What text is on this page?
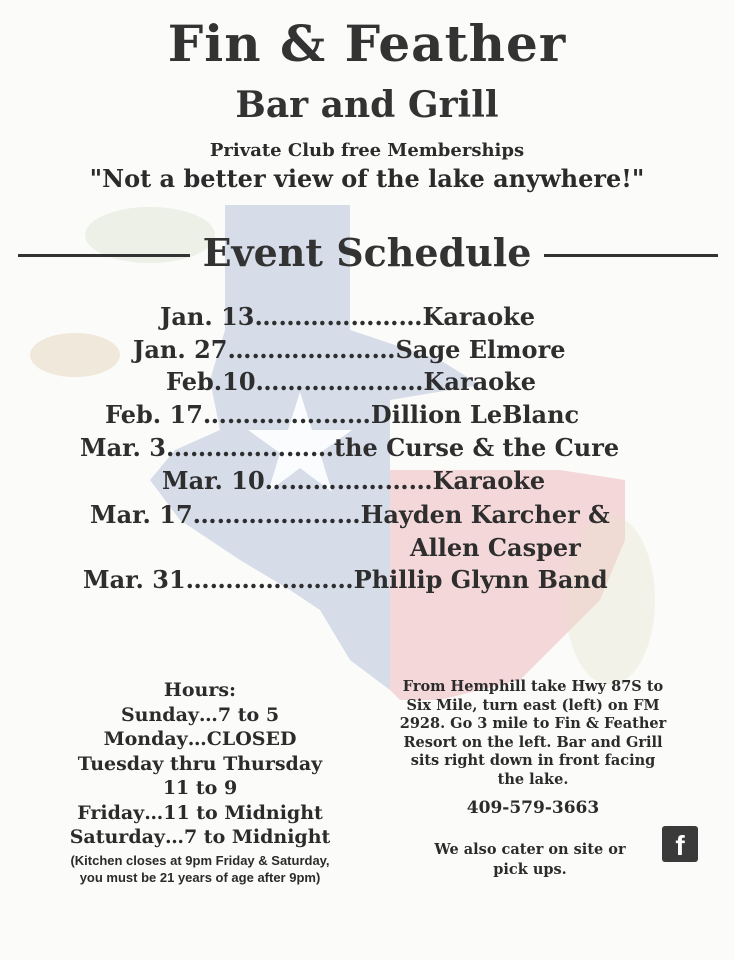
Fin & Feather
Bar and Grill
Private Club free Memberships
"Not a better view of the lake anywhere!"
Event Schedule
Jan. 13…………………Karaoke
Jan. 27…………………Sage Elmore
Feb.10…………………Karaoke
Feb. 17…………………Dillion LeBlanc
Mar. 3…………………the Curse & the Cure
Mar. 10…………………Karaoke
Mar. 17…………………Hayden Karcher &
Allen Casper
Mar. 31…………………Phillip Glynn Band
Hours:
Sunday…7 to 5
Monday…CLOSED
Tuesday thru Thursday
11 to 9
Friday…11 to Midnight
Saturday…7 to Midnight
(Kitchen closes at 9pm Friday & Saturday, you must be 21 years of age after 9pm)
From Hemphill take Hwy 87S to Six Mile, turn east (left) on FM 2928. Go 3 mile to Fin & Feather Resort on the left. Bar and Grill sits right down in front facing the lake.
409-579-3663
We also cater on site or pick ups.
f
